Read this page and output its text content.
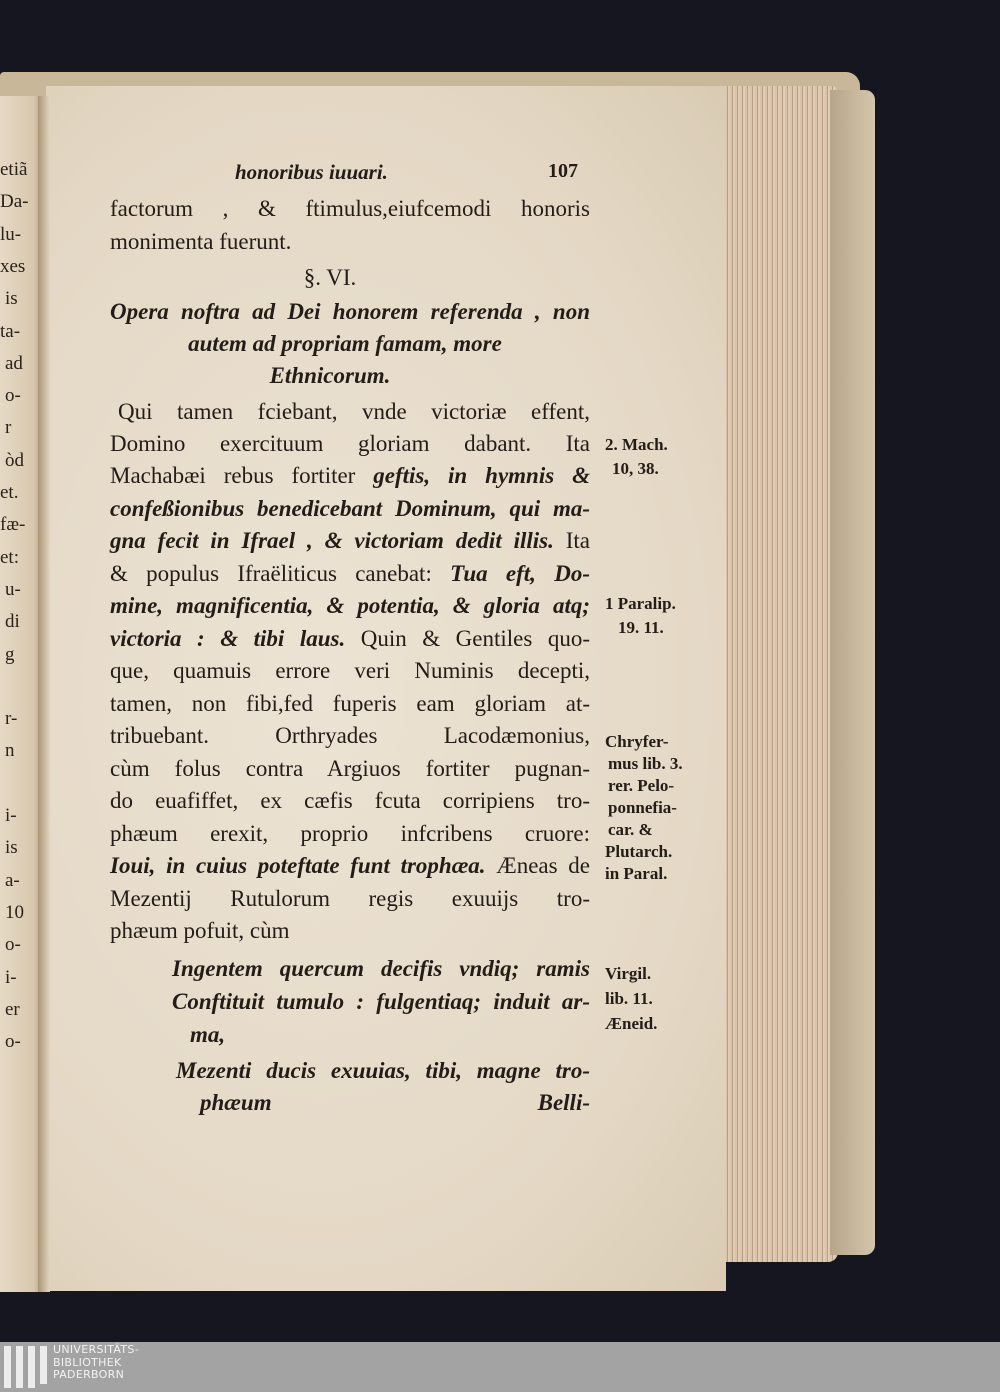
etiã
Da-
lu-
xes
is
ta-
ad
o-
r
òd
et.
fæ-
et:
u-
di
g
r-
n
i-
is
a-
10
o-
i-
er
o-
honoribus iuuari.	107
factorum , & ftimulus,eiufcemodi honoris
monimenta fuerunt.
§. VI.
Opera noftra ad Dei honorem referenda , non
autem ad propriam famam, more
Ethnicorum.
Qui tamen fciebant, vnde victoriæ effent,
Domino exercituum gloriam dabant. Ita
Machabæi rebus fortiter geftis, in hymnis &
confeßionibus benedicebant Dominum, qui ma-
gna fecit in Ifrael , & victoriam dedit illis. Ita
& populus Ifraëliticus canebat: Tua eft, Do-
mine, magnificentia, & potentia, & gloria atq;
victoria : & tibi laus. Quin & Gentiles quo-
que, quamuis errore veri Numinis decepti,
tamen, non fibi,fed fuperis eam gloriam at-
tribuebant. Orthryades Lacodæmonius,
cùm folus contra Argiuos fortiter pugnan-
do euafiffet, ex cæfis fcuta corripiens tro-
phæum erexit, proprio infcribens cruore:
Ioui, in cuius poteftate funt trophæa. Æneas de
Mezentij Rutulorum regis exuuijs tro-
phæum pofuit, cùm
Ingentem quercum decifis vndiq; ramis
Conftituit tumulo : fulgentiaq; induit ar-
ma,
Mezenti ducis exuuias, tibi, magne tro-
phæum	Belli-
2. Mach.
10, 38.
1 Paralip.
19. 11.
Chryfer-
mus lib. 3.
rer. Pelo-
ponnefia-
car. &
Plutarch.
in Paral.
Virgil.
lib. 11.
Æneid.
UNIVERSITÄTS-
BIBLIOTHEK
PADERBORN
